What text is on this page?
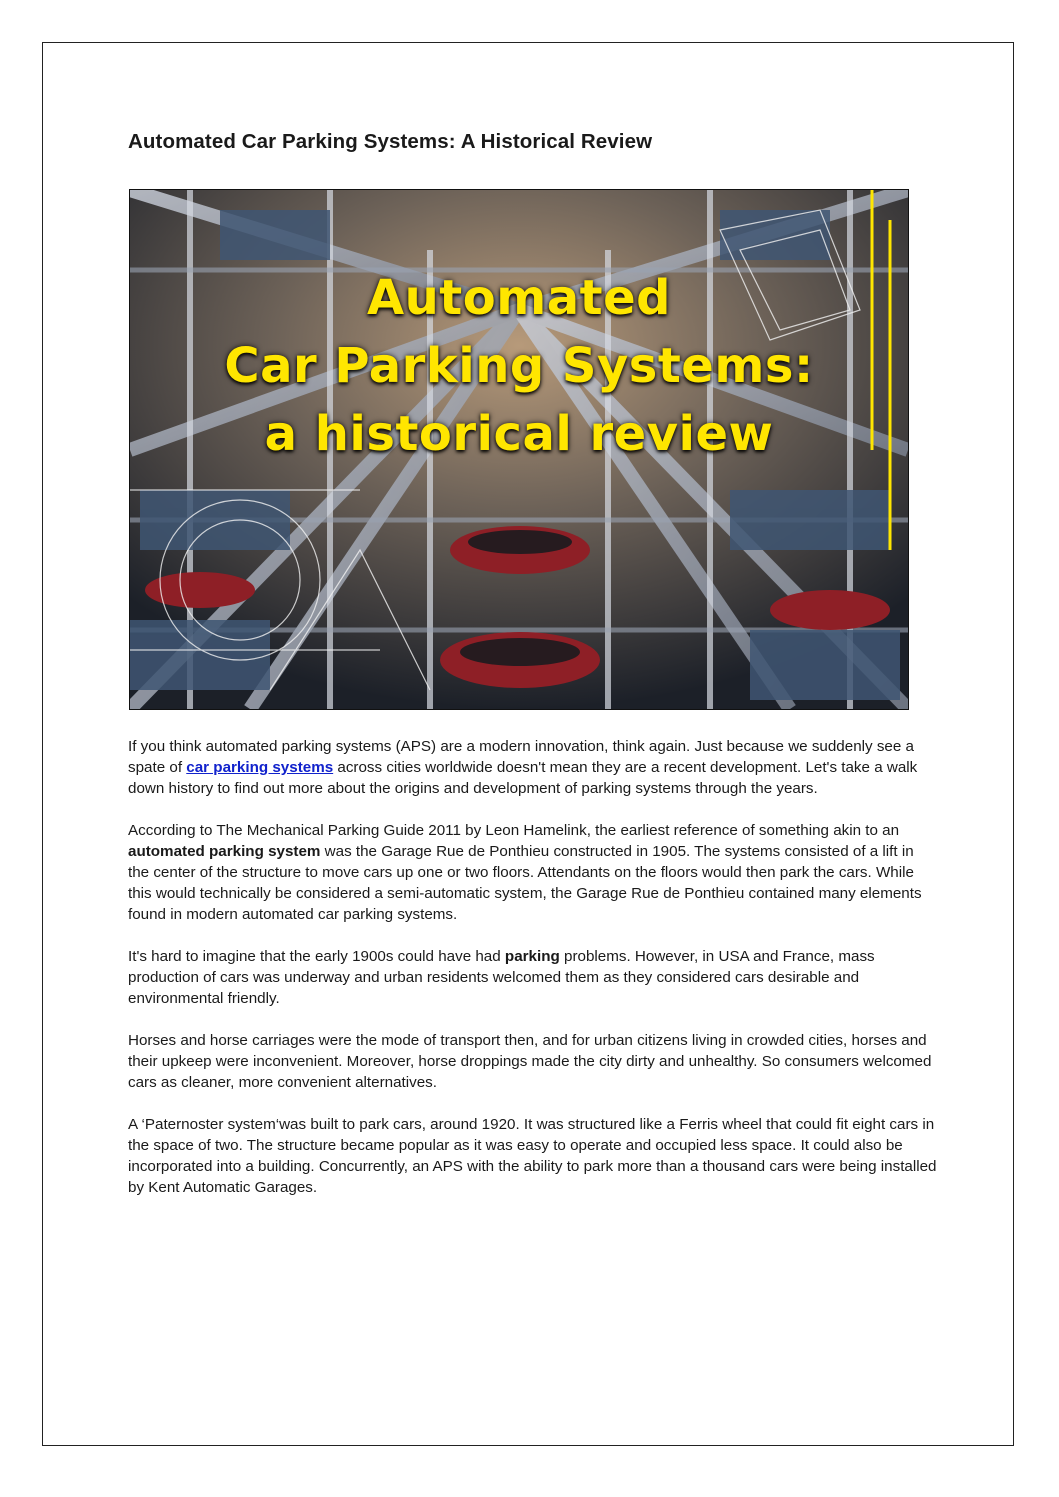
Automated Car Parking Systems: A Historical Review
Automated
Car Parking Systems:
a historical review

If you think automated parking systems (APS) are a modern innovation, think again. Just because we suddenly see a spate of car parking systems across cities worldwide doesn't mean they are a recent development. Let's take a walk down history to find out more about the origins and development of parking systems through the years.

According to The Mechanical Parking Guide 2011 by Leon Hamelink, the earliest reference of something akin to an automated parking system was the Garage Rue de Ponthieu constructed in 1905. The systems consisted of a lift in the center of the structure to move cars up one or two floors. Attendants on the floors would then park the cars. While this would technically be considered a semi-automatic system, the Garage Rue de Ponthieu contained many elements found in modern automated car parking systems.

It's hard to imagine that the early 1900s could have had parking problems. However, in USA and France, mass production of cars was underway and urban residents welcomed them as they considered cars desirable and environmental friendly.

Horses and horse carriages were the mode of transport then, and for urban citizens living in crowded cities, horses and their upkeep were inconvenient. Moreover, horse droppings made the city dirty and unhealthy. So consumers welcomed cars as cleaner, more convenient alternatives.

A ‘Paternoster system‘was built to park cars, around 1920. It was structured like a Ferris wheel that could fit eight cars in the space of two. The structure became popular as it was easy to operate and occupied less space. It could also be incorporated into a building. Concurrently, an APS with the ability to park more than a thousand cars were being installed by Kent Automatic Garages.
